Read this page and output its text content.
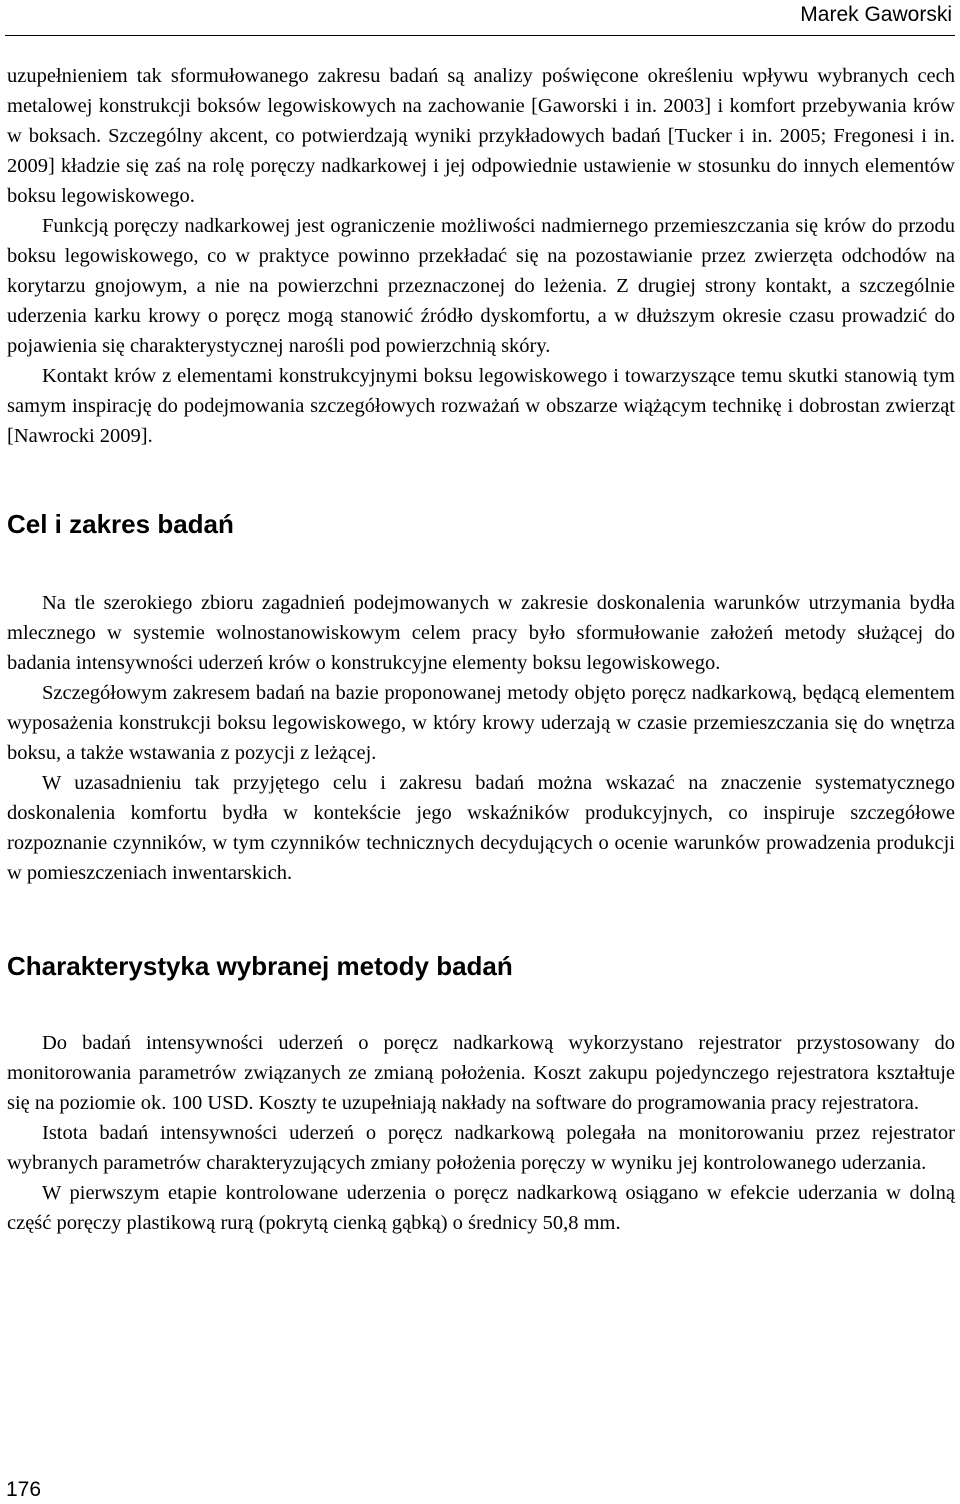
Marek Gaworski

uzupełnieniem tak sformułowanego zakresu badań są analizy poświęcone określeniu wpływu wybranych cech metalowej konstrukcji boksów legowiskowych na zachowanie [Gaworski i in. 2003] i komfort przebywania krów w boksach. Szczególny akcent, co potwierdzają wyniki przykładowych badań [Tucker i in. 2005; Fregonesi i in. 2009] kładzie się zaś na rolę poręczy nadkarkowej i jej odpowiednie ustawienie w stosunku do innych elementów boksu legowiskowego.

Funkcją poręczy nadkarkowej jest ograniczenie możliwości nadmiernego przemieszczania się krów do przodu boksu legowiskowego, co w praktyce powinno przekładać się na pozostawianie przez zwierzęta odchodów na korytarzu gnojowym, a nie na powierzchni przeznaczonej do leżenia. Z drugiej strony kontakt, a szczególnie uderzenia karku krowy o poręcz mogą stanowić źródło dyskomfortu, a w dłuższym okresie czasu prowadzić do pojawienia się charakterystycznej narośli pod powierzchnią skóry.

Kontakt krów z elementami konstrukcyjnymi boksu legowiskowego i towarzyszące temu skutki stanowią tym samym inspirację do podejmowania szczegółowych rozważań w obszarze wiążącym technikę i dobrostan zwierząt [Nawrocki 2009].

Cel i zakres badań

Na tle szerokiego zbioru zagadnień podejmowanych w zakresie doskonalenia warunków utrzymania bydła mlecznego w systemie wolnostanowiskowym celem pracy było sformułowanie założeń metody służącej do badania intensywności uderzeń krów o konstrukcyjne elementy boksu legowiskowego.

Szczegółowym zakresem badań na bazie proponowanej metody objęto poręcz nadkarkową, będącą elementem wyposażenia konstrukcji boksu legowiskowego, w który krowy uderzają w czasie przemieszczania się do wnętrza boksu, a także wstawania z pozycji z leżącej.

W uzasadnieniu tak przyjętego celu i zakresu badań można wskazać na znaczenie systematycznego doskonalenia komfortu bydła w kontekście jego wskaźników produkcyjnych, co inspiruje szczegółowe rozpoznanie czynników, w tym czynników technicznych decydujących o ocenie warunków prowadzenia produkcji w pomieszczeniach inwentarskich.

Charakterystyka wybranej metody badań

Do badań intensywności uderzeń o poręcz nadkarkową wykorzystano rejestrator przystosowany do monitorowania parametrów związanych ze zmianą położenia. Koszt zakupu pojedynczego rejestratora kształtuje się na poziomie ok. 100 USD. Koszty te uzupełniają nakłady na software do programowania pracy rejestratora.

Istota badań intensywności uderzeń o poręcz nadkarkową polegała na monitorowaniu przez rejestrator wybranych parametrów charakteryzujących zmiany położenia poręczy w wyniku jej kontrolowanego uderzania.

W pierwszym etapie kontrolowane uderzenia o poręcz nadkarkową osiągano w efekcie uderzania w dolną część poręczy plastikową rurą (pokrytą cienką gąbką) o średnicy 50,8 mm.

176
